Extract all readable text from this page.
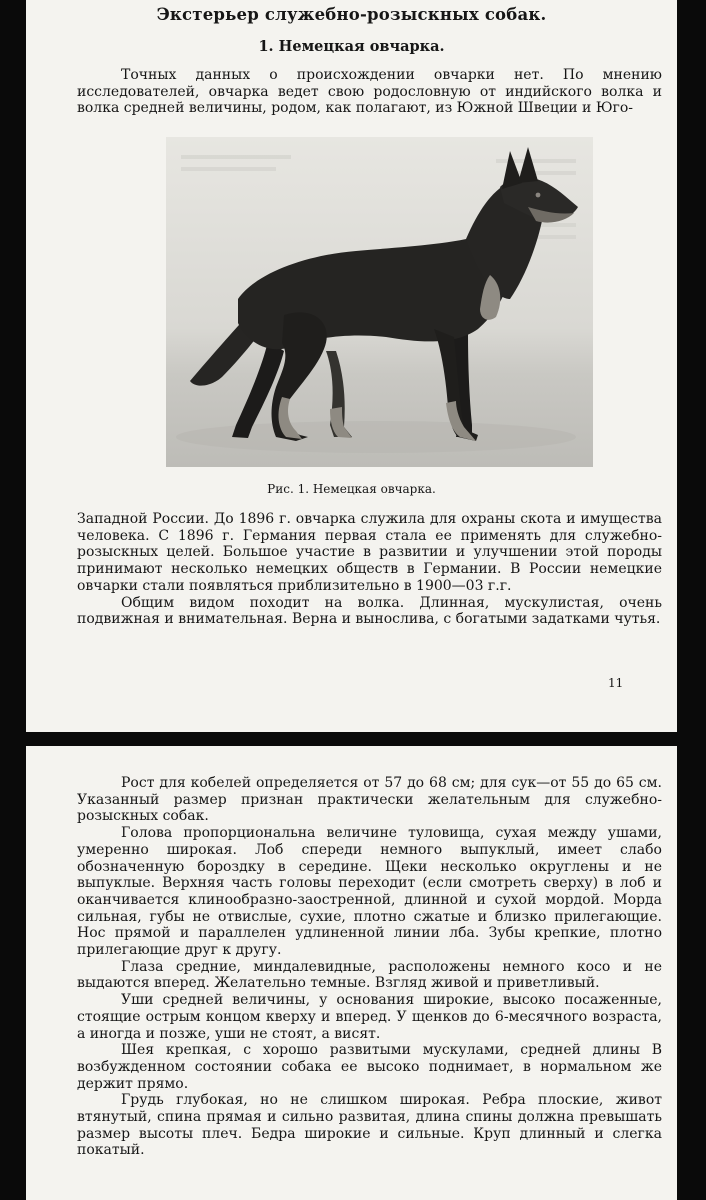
Экстерьер служебно-розыскных собак.
1. Немецкая овчарка.

Точных данных о происхождении овчарки нет. По мнению исследователей, овчарка ведет свою родословную от индийского волка и волка средней величины, родом, как полагают, из Южной Швеции и Юго-

Рис. 1. Немецкая овчарка.

Западной России. До 1896 г. овчарка служила для охраны скота и имущества человека. С 1896 г. Германия первая стала ее применять для служебно-розыскных целей. Большое участие в развитии и улучшении этой породы принимают несколько немецких обществ в Германии. В России немецкие овчарки стали появляться приблизительно в 1900—03 г.г.

Общим видом походит на волка. Длинная, мускулистая, очень подвижная и внимательная. Верна и вынослива, с богатыми задатками чутья.

11

Рост для кобелей определяется от 57 до 68 см; для сук—от 55 до 65 см. Указанный размер признан практически желательным для служебно-розыскных собак.

Голова пропорциональна величине туловища, сухая между ушами, умеренно широкая. Лоб спереди немного выпуклый, имеет слабо обозначенную бороздку в середине. Щеки несколько округлены и не выпуклые. Верхняя часть головы переходит (если смотреть сверху) в лоб и оканчивается клинообразно-заостренной, длинной и сухой мордой. Морда сильная, губы не отвислые, сухие, плотно сжатые и близко прилегающие. Нос прямой и параллелен удлиненной линии лба. Зубы крепкие, плотно прилегающие друг к другу.

Глаза средние, миндалевидные, расположены немного косо и не выдаются вперед. Желательно темные. Взгляд живой и приветливый.

Уши средней величины, у основания широкие, высоко посаженные, стоящие острым концом кверху и вперед. У щенков до 6-месячного возраста, а иногда и позже, уши не стоят, а висят.

Шея крепкая, с хорошо развитыми мускулами, средней длины В возбужденном состоянии собака ее высоко поднимает, в нормальном же держит прямо.

Грудь глубокая, но не слишком широкая. Ребра плоские, живот втянутый, спина прямая и сильно развитая, длина спины должна превышать размер высоты плеч. Бедра широкие и сильные. Круп длинный и слегка покатый.
